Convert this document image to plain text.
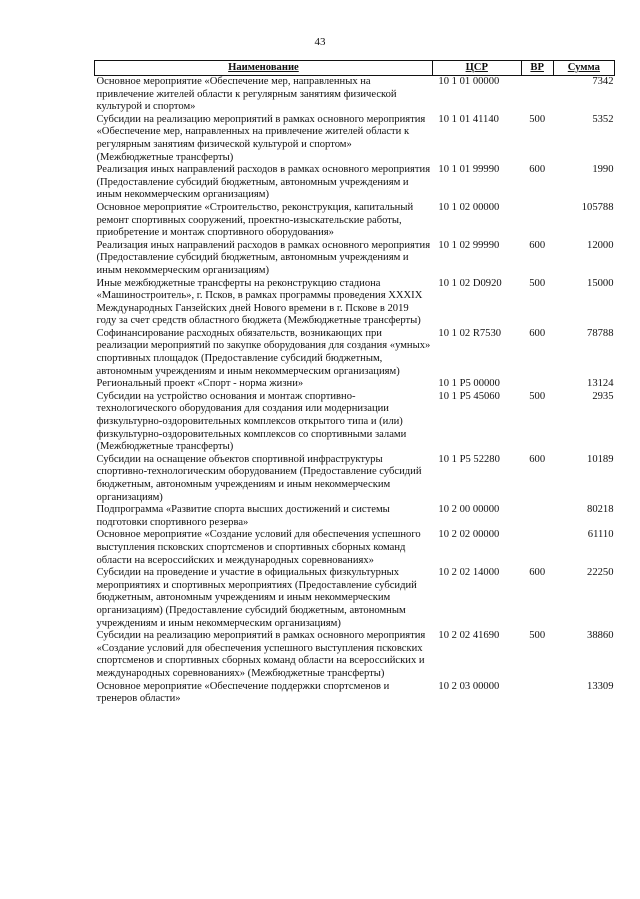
43
Наименование	ЦСР	ВР	Сумма
Основное мероприятие «Обеспечение мер, направленных на привлечение жителей области к регулярным занятиям физической культурой и спортом»	10 1 01 00000		7342
Субсидии на реализацию мероприятий в рамках основного мероприятия «Обеспечение мер, направленных на привлечение жителей области к регулярным занятиям физической культурой и спортом» (Межбюджетные трансферты)	10 1 01 41140	500	5352
Реализация иных направлений расходов в рамках основного мероприятия (Предоставление субсидий бюджетным, автономным учреждениям и иным некоммерческим организациям)	10 1 01 99990	600	1990
Основное мероприятие «Строительство, реконструкция, капитальный ремонт спортивных сооружений, проектно-изыскательские работы, приобретение и монтаж спортивного оборудования»	10 1 02 00000		105788
Реализация иных направлений расходов в рамках основного мероприятия (Предоставление субсидий бюджетным, автономным учреждениям и иным некоммерческим организациям)	10 1 02 99990	600	12000
Иные межбюджетные трансферты на реконструкцию стадиона «Машиностроитель», г. Псков, в рамках программы проведения XXXIX Международных Ганзейских дней Нового времени в г. Пскове в 2019 году за счет средств областного бюджета (Межбюджетные трансферты)	10 1 02 D0920	500	15000
Софинансирование расходных обязательств, возникающих при реализации мероприятий по закупке оборудования для создания «умных» спортивных площадок (Предоставление субсидий бюджетным, автономным учреждениям и иным некоммерческим организациям)	10 1 02 R7530	600	78788
Региональный проект «Спорт - норма жизни»	10 1 P5 00000		13124
Субсидии на устройство основания и монтаж спортивно-технологического оборудования для создания или модернизации физкультурно-оздоровительных комплексов открытого типа и (или) физкультурно-оздоровительных комплексов со спортивными залами (Межбюджетные трансферты)	10 1 P5 45060	500	2935
Субсидии на оснащение объектов спортивной инфраструктуры спортивно-технологическим оборудованием (Предоставление субсидий бюджетным, автономным учреждениям и иным некоммерческим организациям)	10 1 P5 52280	600	10189
Подпрограмма «Развитие спорта высших достижений и системы подготовки спортивного резерва»	10 2 00 00000		80218
Основное мероприятие «Создание условий для обеспечения успешного выступления псковских спортсменов и спортивных сборных команд области на всероссийских и международных соревнованиях»	10 2 02 00000		61110
Субсидии на проведение и участие в официальных физкультурных мероприятиях и спортивных мероприятиях (Предоставление субсидий бюджетным, автономным учреждениям и иным некоммерческим организациям) (Предоставление субсидий бюджетным, автономным учреждениям и иным некоммерческим организациям)	10 2 02 14000	600	22250
Субсидии на реализацию мероприятий в рамках основного мероприятия «Создание условий для обеспечения успешного выступления псковских спортсменов и спортивных сборных команд области на всероссийских и международных соревнованиях» (Межбюджетные трансферты)	10 2 02 41690	500	38860
Основное мероприятие «Обеспечение поддержки спортсменов и тренеров области»	10 2 03 00000		13309
